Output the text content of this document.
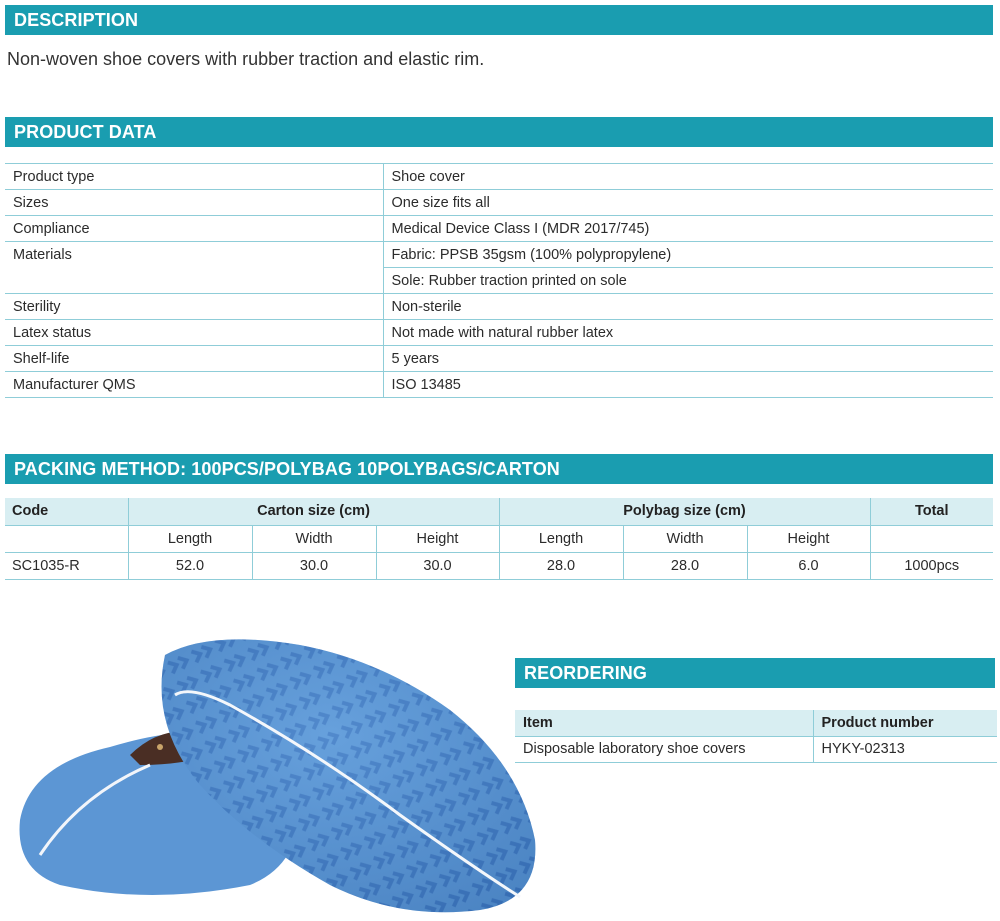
DESCRIPTION
Non-woven shoe covers with rubber traction and elastic rim.
PRODUCT DATA
Product type	Shoe cover
Sizes	One size fits all
Compliance	Medical Device Class I (MDR 2017/745)
Materials	Fabric: PPSB 35gsm (100% polypropylene)
	Sole: Rubber traction printed on sole
Sterility	Non-sterile
Latex status	Not made with natural rubber latex
Shelf-life	5 years
Manufacturer QMS	ISO 13485
PACKING METHOD: 100PCS/POLYBAG 10POLYBAGS/CARTON
Code	Carton size (cm)			Polybag size (cm)			Total
	Length	Width	Height	Length	Width	Height	
SC1035-R	52.0	30.0	30.0	28.0	28.0	6.0	1000pcs
REORDERING
Item	Product number
Disposable laboratory shoe covers	HYKY-02313
